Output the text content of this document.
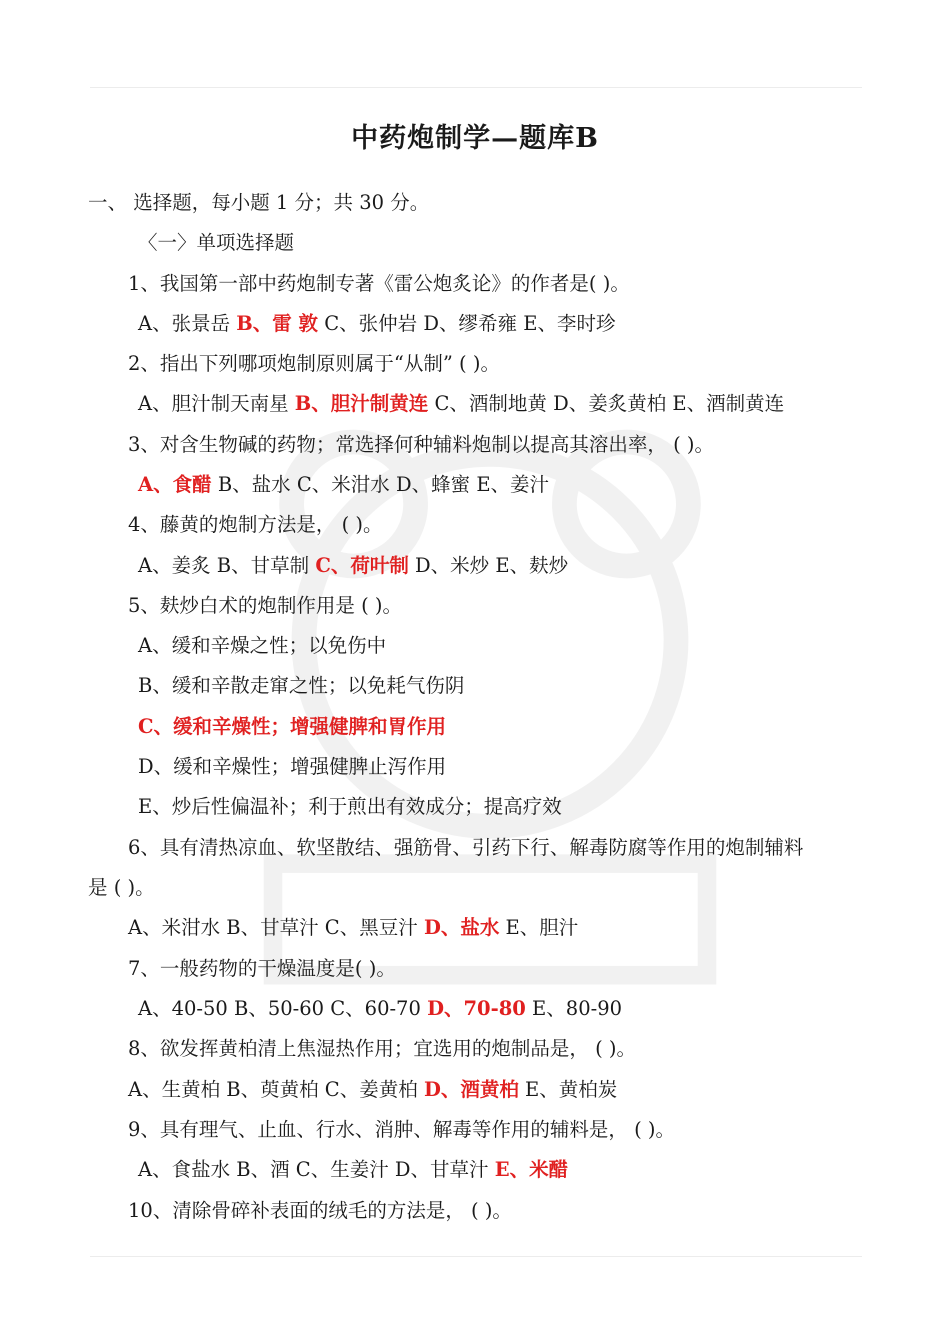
中药炮制学—题库B
一、 选择题，每小题 1 分；共 30 分。
〈一〉单项选择题
1、我国第一部中药炮制专著《雷公炮炙论》的作者是( )。
A、张景岳 B、雷 敦 C、张仲岩 D、缪希雍 E、李时珍
2、指出下列哪项炮制原则属于“从制” ( )。
A、胆汁制天南星 B、胆汁制黄连 C、酒制地黄 D、姜炙黄柏 E、酒制黄连
3、对含生物碱的药物；常选择何种辅料炮制以提高其溶出率， ( )。
A、食醋 B、盐水 C、米泔水 D、蜂蜜 E、姜汁
4、藤黄的炮制方法是， ( )。
A、姜炙 B、甘草制 C、荷叶制 D、米炒 E、麸炒
5、麸炒白术的炮制作用是 ( )。
A、缓和辛燥之性；以免伤中
B、缓和辛散走窜之性；以免耗气伤阴
C、缓和辛燥性；增强健脾和胃作用
D、缓和辛燥性；增强健脾止泻作用
E、炒后性偏温补；利于煎出有效成分；提高疗效
6、具有清热凉血、软坚散结、强筋骨、引药下行、解毒防腐等作用的炮制辅料
是 ( )。
A、米泔水 B、甘草汁 C、黑豆汁 D、盐水 E、胆汁
7、一般药物的干燥温度是( )。
A、40-50 B、50-60 C、60-70 D、70-80 E、80-90
8、欲发挥黄柏清上焦湿热作用；宜选用的炮制品是， ( )。
A、生黄柏 B、萸黄柏 C、姜黄柏 D、酒黄柏 E、黄柏炭
9、具有理气、止血、行水、消肿、解毒等作用的辅料是， ( )。
A、食盐水 B、酒 C、生姜汁 D、甘草汁 E、米醋
10、清除骨碎补表面的绒毛的方法是， ( )。
